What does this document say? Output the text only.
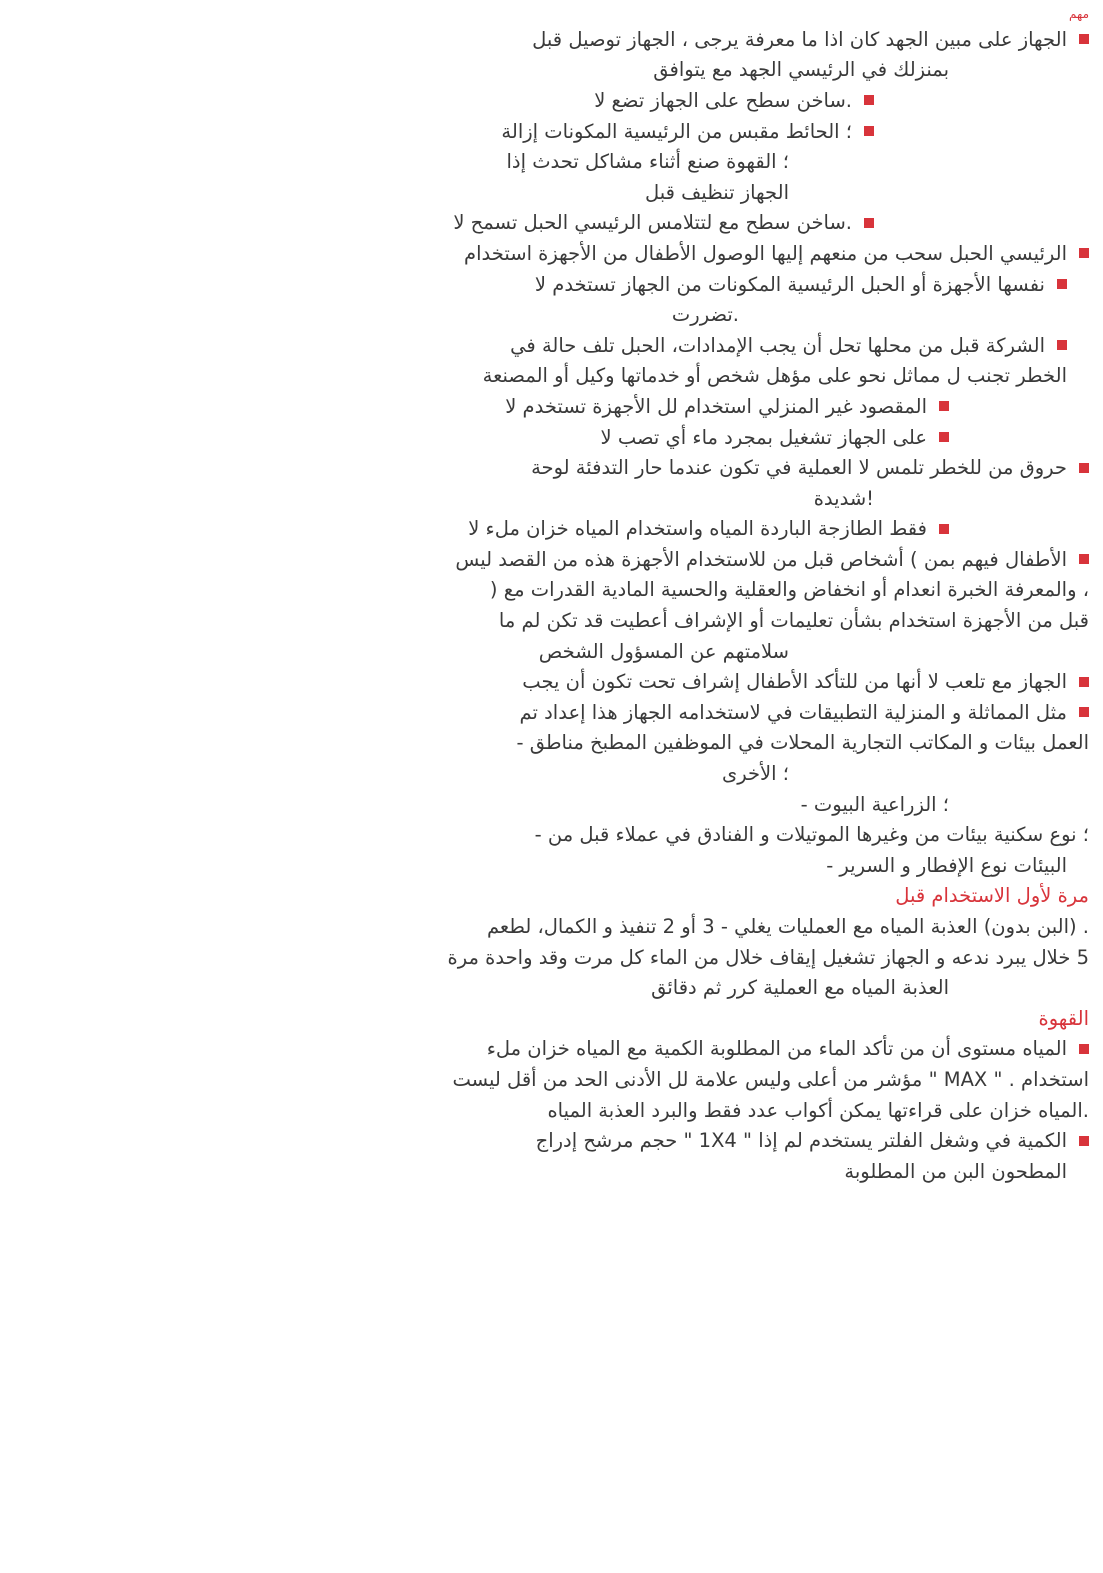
مهم
الجهاز على مبين الجهد كان اذا ما معرفة يرجى ، الجهاز توصيل قبل
بمنزلك في الرئيسي الجهد مع يتوافق
.ساخن سطح على الجهاز تضع لا
؛ الحائط مقبس من الرئيسية المكونات إزالة
؛ القهوة صنع أثناء مشاكل تحدث إذا
الجهاز تنظيف قبل
.ساخن سطح مع لتتلامس الرئيسي الحبل تسمح لا
الرئيسي الحبل سحب من منعهم إليها الوصول الأطفال من الأجهزة استخدام
نفسها الأجهزة أو الحبل الرئيسية المكونات من الجهاز تستخدم لا
.تضررت
الشركة قبل من محلها تحل أن يجب الإمدادات، الحبل تلف حالة في
الخطر تجنب ل مماثل نحو على مؤهل شخص أو خدماتها وكيل أو المصنعة
المقصود غير المنزلي استخدام لل الأجهزة تستخدم لا
على الجهاز تشغيل بمجرد ماء أي تصب لا
حروق من للخطر تلمس لا العملية في تكون عندما حار التدفئة لوحة
!شديدة
فقط الطازجة الباردة المياه واستخدام المياه خزان ملء لا
الأطفال فيهم بمن ) أشخاص قبل من للاستخدام الأجهزة هذه من القصد ليس
، والمعرفة الخبرة انعدام أو انخفاض والعقلية والحسية المادية القدرات مع (
قبل من الأجهزة استخدام بشأن تعليمات أو الإشراف أعطيت قد تكن لم ما
سلامتهم عن المسؤول الشخص
الجهاز مع تلعب لا أنها من للتأكد الأطفال إشراف تحت تكون أن يجب
مثل المماثلة و المنزلية التطبيقات في لاستخدامه الجهاز هذا إعداد تم
العمل بيئات و المكاتب التجارية المحلات في الموظفين المطبخ مناطق -
؛ الأخرى
؛ الزراعية البيوت -
؛ نوع سكنية بيئات من وغيرها الموتيلات و الفنادق في عملاء قبل من -
البيئات نوع الإفطار و السرير -
مرة لأول الاستخدام قبل
. (البن بدون) العذبة المياه مع العمليات يغلي - 3 أو 2 تنفيذ و الكمال، لطعم
5 خلال يبرد ندعه و الجهاز تشغيل إيقاف خلال من الماء كل مرت وقد واحدة مرة
العذبة المياه مع العملية كرر ثم دقائق
القهوة
المياه مستوى أن من تأكد الماء من المطلوبة الكمية مع المياه خزان ملء
استخدام . " MAX " مؤشر من أعلى وليس علامة لل الأدنى الحد من أقل ليست
.المياه خزان على قراءتها يمكن أكواب عدد فقط والبرد العذبة المياه
الكمية في وشغل الفلتر يستخدم لم إذا " 1X4 " حجم مرشح إدراج
المطحون البن من المطلوبة
